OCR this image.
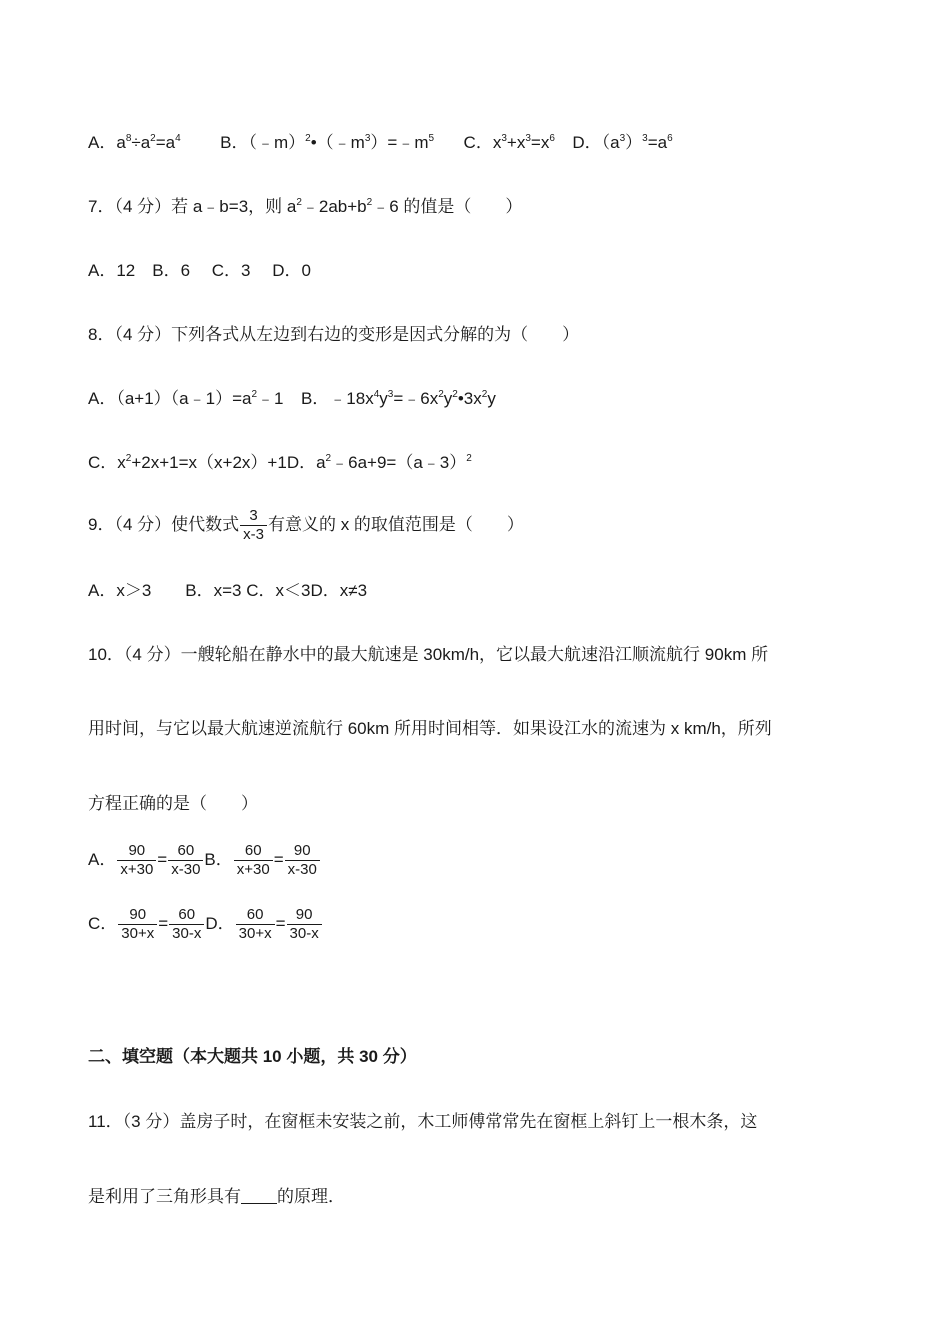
A．$a^8\div a^2=a^4$ B．$(﹣m)^2•(﹣m^3)=﹣m^5$ C．$x^3+x^3=x^6$ D．$(a^3)^3=a^6$
7．（4 分）若 a﹣b=3，则 $a^2﹣2ab+b^2﹣6$ 的值是（　　）
A．12　B．6　 C．3　 D．0
8．（4 分）下列各式从左边到右边的变形是因式分解的为（　　）
A．$(a+1)(a﹣1)=a^2﹣1$ B．$﹣18x^4y^3=﹣6x^2y^2•3x^2y$
C．$x^2+2x+1=x(x+2x)+1D$．$a^2﹣6a+9=(a﹣3)^2$
9．（4 分）使代数式 $\frac{3}{x-3}$ 有意义的 x 的取值范围是（　　）
A．x＞3　　B．x=3 C．x＜3D．x≠3
10．（4 分）一艘轮船在静水中的最大航速是 30km/h，它以最大航速沿江顺流航行 90km 所
用时间，与它以最大航速逆流航行 60km 所用时间相等．如果设江水的流速为 x km/h，所列
方程正确的是（　　）
A． $\frac{90}{x+30} = \frac{60}{x-30}$ B． $\frac{60}{x+30} = \frac{90}{x-30}$
C． $\frac{90}{30+x} = \frac{60}{30-x}$ D． $\frac{60}{30+x} = \frac{90}{30-x}$
二、填空题（本大题共 10 小题，共 30 分）
11．（3 分）盖房子时，在窗框未安装之前，木工师傅常常先在窗框上斜钉上一根木条，这
是利用了三角形具有 的原理．
